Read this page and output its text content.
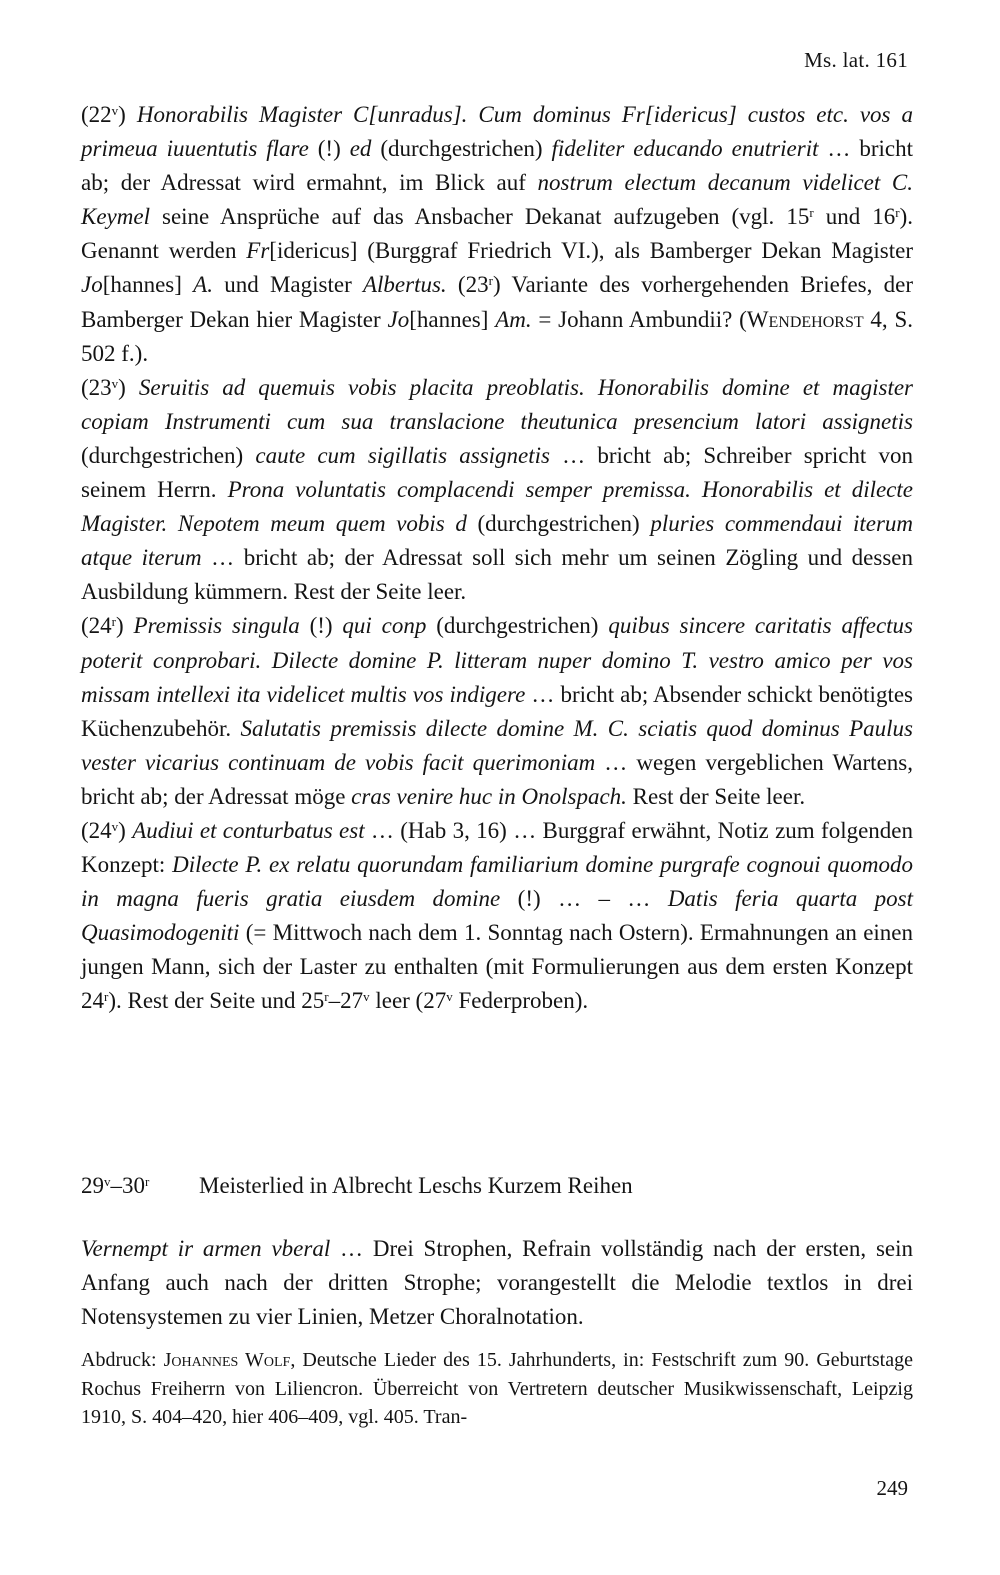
Ms. lat. 161

(22$^v$) Honorabilis Magister C[unradus]. Cum dominus Fr[idericus] custos etc. vos a primeua iuuentutis flare (!) ed (durchgestrichen) fideliter educando enutrierit … bricht ab; der Adressat wird ermahnt, im Blick auf nostrum electum decanum videlicet C. Keymel seine Ansprüche auf das Ansbacher Dekanat aufzugeben (vgl. 15$^r$ und 16$^r$). Genannt werden Fr[idericus] (Burggraf Friedrich VI.), als Bamberger Dekan Magister Jo[hannes] A. und Magister Albertus. (23$^r$) Variante des vorhergehenden Briefes, der Bamberger Dekan hier Magister Jo[hannes] Am. = Johann Ambundii? (Wendehorst 4, S. 502 f.).

(23$^v$) Seruitis ad quemuis vobis placita preoblatis. Honorabilis domine et magister copiam Instrumenti cum sua translacione theutunica presencium latori assignetis (durchgestrichen) caute cum sigillatis assignetis … bricht ab; Schreiber spricht von seinem Herrn. Prona voluntatis complacendi semper premissa. Honorabilis et dilecte Magister. Nepotem meum quem vobis d (durchgestrichen) pluries commendaui iterum atque iterum … bricht ab; der Adressat soll sich mehr um seinen Zögling und dessen Ausbildung kümmern. Rest der Seite leer.

(24$^r$) Premissis singula (!) qui conp (durchgestrichen) quibus sincere caritatis affectus poterit conprobari. Dilecte domine P. litteram nuper domino T. vestro amico per vos missam intellexi ita videlicet multis vos indigere … bricht ab; Absender schickt benötigtes Küchenzubehör. Salutatis premissis dilecte domine M. C. sciatis quod dominus Paulus vester vicarius continuam de vobis facit querimoniam … wegen vergeblichen Wartens, bricht ab; der Adressat möge cras venire huc in Onolspach. Rest der Seite leer.

(24$^v$) Audiui et conturbatus est … (Hab 3, 16) … Burggraf erwähnt, Notiz zum folgenden Konzept: Dilecte P. ex relatu quorundam familiarium domine purgrafe cognoui quomodo in magna fueris gratia eiusdem domine (!) … – … Datis feria quarta post Quasimodogeniti (= Mittwoch nach dem 1. Sonntag nach Ostern). Ermahnungen an einen jungen Mann, sich der Laster zu enthalten (mit Formulierungen aus dem ersten Konzept 24$^r$). Rest der Seite und 25$^r$–27$^v$ leer (27$^v$ Federproben).

29$^v$–30$^r$ Meisterlied in Albrecht Leschs Kurzem Reihen
Vernempt ir armen vberal … Drei Strophen, Refrain vollständig nach der ersten, sein Anfang auch nach der dritten Strophe; vorangestellt die Melodie textlos in drei Notensystemen zu vier Linien, Metzer Choralnotation.
Abdruck: Johannes Wolf, Deutsche Lieder des 15. Jahrhunderts, in: Festschrift zum 90. Geburtstage Rochus Freiherrn von Liliencron. Überreicht von Vertretern deutscher Musikwissenschaft, Leipzig 1910, S. 404–420, hier 406–409, vgl. 405. Tran-
249
